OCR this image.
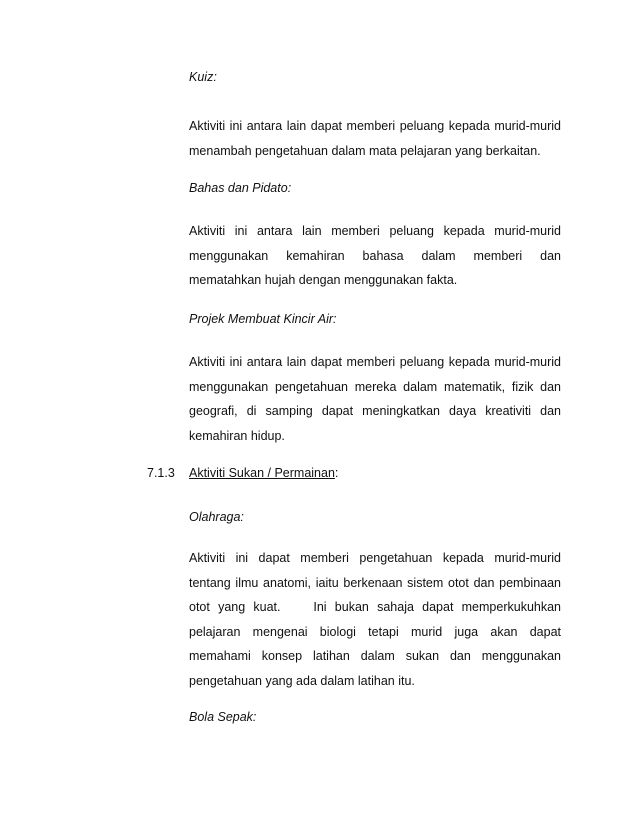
Kuiz:
Aktiviti ini antara lain dapat memberi peluang kepada murid-murid
menambah pengetahuan dalam mata pelajaran yang berkaitan.
Bahas dan Pidato:
Aktiviti ini antara lain memberi peluang kepada murid-murid
menggunakan kemahiran bahasa dalam memberi dan
mematahkan hujah dengan menggunakan fakta.
Projek Membuat Kincir Air:
Aktiviti ini antara lain dapat memberi peluang kepada murid-murid
menggunakan pengetahuan mereka dalam matematik, fizik dan
geografi, di samping dapat meningkatkan daya kreativiti dan
kemahiran hidup.
7.1.3 Aktiviti Sukan / Permainan:
Olahraga:
Aktiviti ini dapat memberi pengetahuan kepada murid-murid
tentang ilmu anatomi, iaitu berkenaan sistem otot dan pembinaan
otot yang kuat.    Ini bukan sahaja dapat memperkukuhkan
pelajaran mengenai biologi tetapi murid juga akan dapat
memahami konsep latihan dalam sukan dan menggunakan
pengetahuan yang ada dalam latihan itu.
Bola Sepak:
